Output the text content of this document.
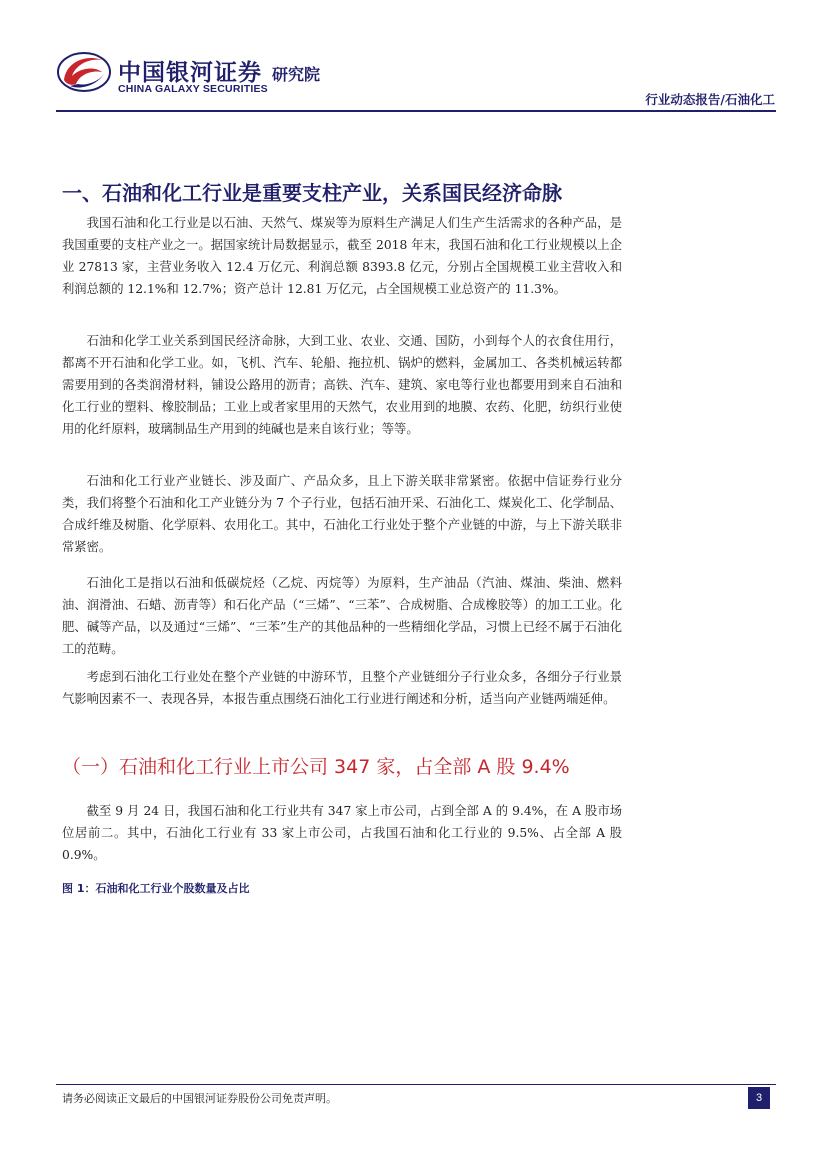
中国银河证券 研究院
CHINA GALAXY SECURITIES
行业动态报告/石油化工
一、石油和化工行业是重要支柱产业，关系国民经济命脉

我国石油和化工行业是以石油、天然气、煤炭等为原料生产满足人们生产生活需求的各种产品，是我国重要的支柱产业之一。据国家统计局数据显示，截至 2018 年末，我国石油和化工行业规模以上企业 27813 家，主营业务收入 12.4 万亿元、利润总额 8393.8 亿元，分别占全国规模工业主营收入和利润总额的 12.1%和 12.7%；资产总计 12.81 万亿元，占全国规模工业总资产的 11.3%。

石油和化学工业关系到国民经济命脉，大到工业、农业、交通、国防，小到每个人的衣食住用行，都离不开石油和化学工业。如，飞机、汽车、轮船、拖拉机、锅炉的燃料，金属加工、各类机械运转都需要用到的各类润滑材料，铺设公路用的沥青；高铁、汽车、建筑、家电等行业也都要用到来自石油和化工行业的塑料、橡胶制品；工业上或者家里用的天然气，农业用到的地膜、农药、化肥，纺织行业使用的化纤原料，玻璃制品生产用到的纯碱也是来自该行业；等等。

石油和化工行业产业链长、涉及面广、产品众多，且上下游关联非常紧密。依据中信证券行业分类，我们将整个石油和化工产业链分为 7 个子行业，包括石油开采、石油化工、煤炭化工、化学制品、合成纤维及树脂、化学原料、农用化工。其中，石油化工行业处于整个产业链的中游，与上下游关联非常紧密。

石油化工是指以石油和低碳烷烃（乙烷、丙烷等）为原料，生产油品（汽油、煤油、柴油、燃料油、润滑油、石蜡、沥青等）和石化产品（“三烯”、“三苯”、合成树脂、合成橡胶等）的加工工业。化肥、碱等产品，以及通过“三烯”、“三苯”生产的其他品种的一些精细化学品，习惯上已经不属于石油化工的范畴。

考虑到石油化工行业处在整个产业链的中游环节，且整个产业链细分子行业众多，各细分子行业景气影响因素不一、表现各异，本报告重点围绕石油化工行业进行阐述和分析，适当向产业链两端延伸。

（一）石油和化工行业上市公司 347 家，占全部 A 股 9.4%

截至 9 月 24 日，我国石油和化工行业共有 347 家上市公司，占到全部 A 的 9.4%，在 A 股市场位居前二。其中，石油化工行业有 33 家上市公司，占我国石油和化工行业的 9.5%、占全部 A 股 0.9%。

图 1：石油和化工行业个股数量及占比

请务必阅读正文最后的中国银河证券股份公司免责声明。	3
